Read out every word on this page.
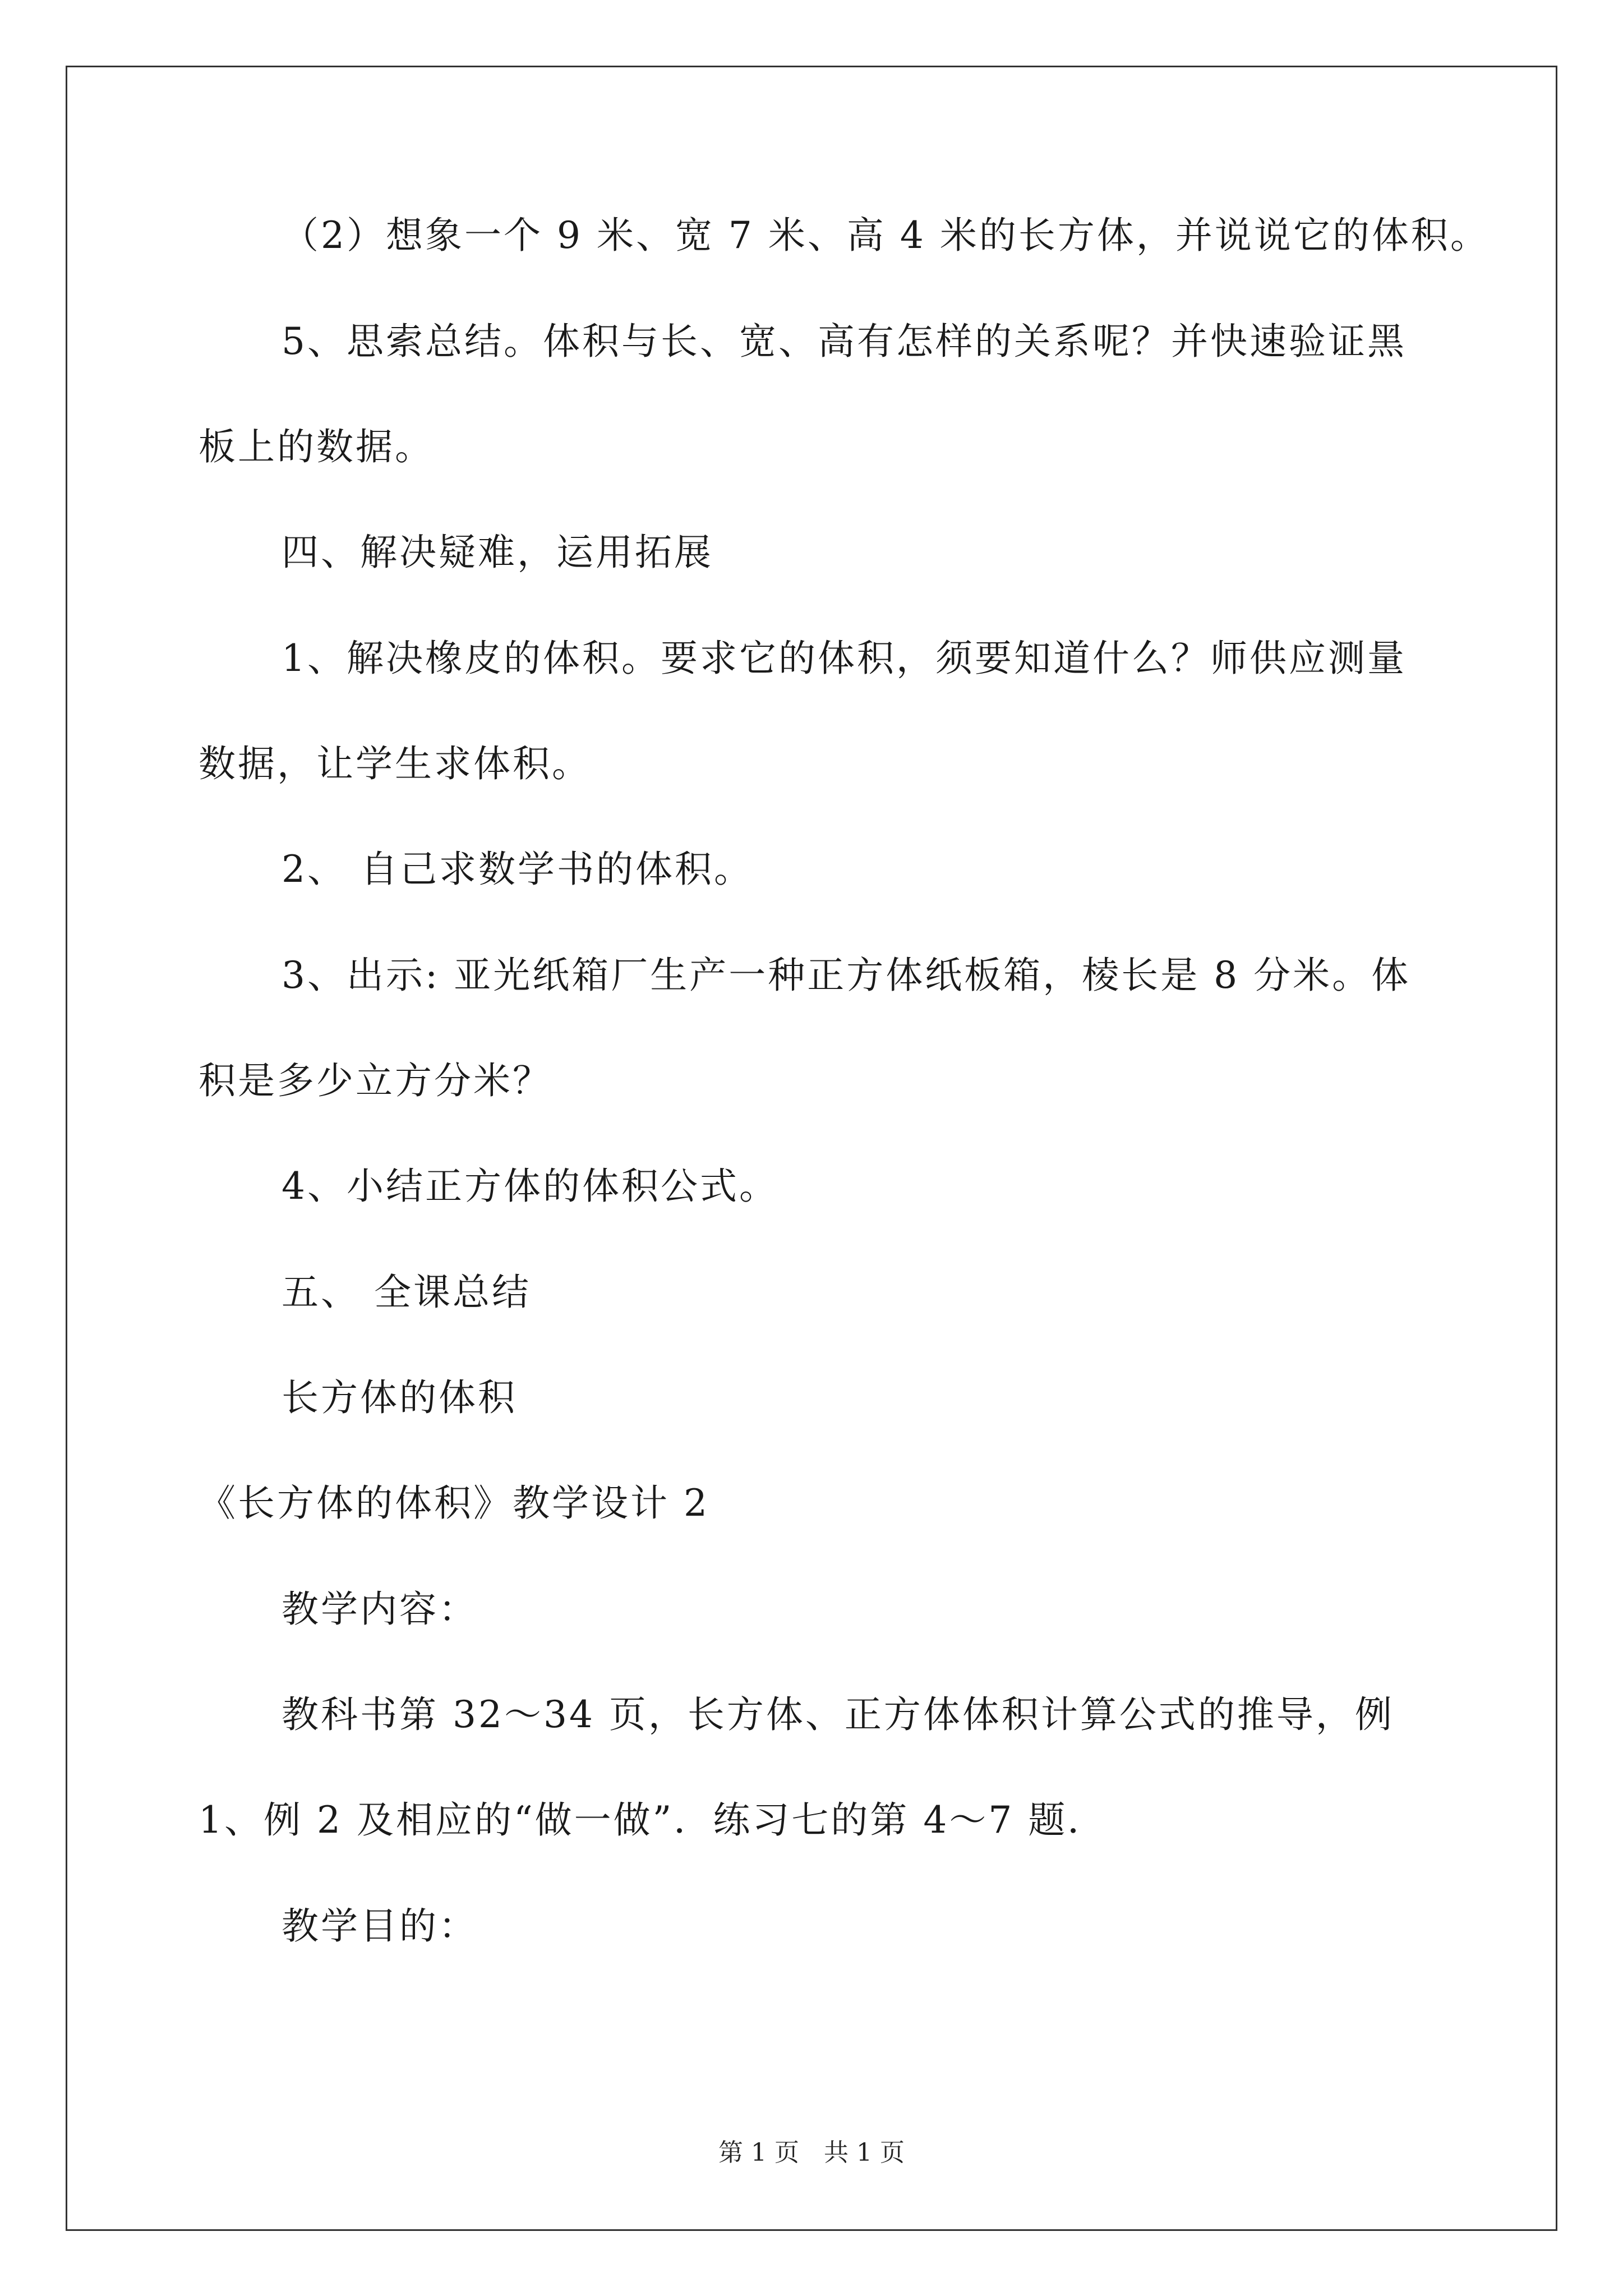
（2）想象一个 9 米、宽 7 米、高 4 米的长方体，并说说它的体积。
5、思索总结。体积与长、宽、高有怎样的关系呢？并快速验证黑
板上的数据。
四、解决疑难，运用拓展
1、解决橡皮的体积。要求它的体积，须要知道什么？师供应测量
数据，让学生求体积。
2、 自己求数学书的体积。
3、出示: 亚光纸箱厂生产一种正方体纸板箱，棱长是 8 分米。体
积是多少立方分米？
4、小结正方体的体积公式。
五、 全课总结
长方体的体积
《长方体的体积》教学设计 2
教学内容：
教科书第 32～34 页，长方体、正方体体积计算公式的推导，例
1、例 2 及相应的“做一做”．练习七的第 4～7 题．
教学目的：
第 1 页　共 1 页
